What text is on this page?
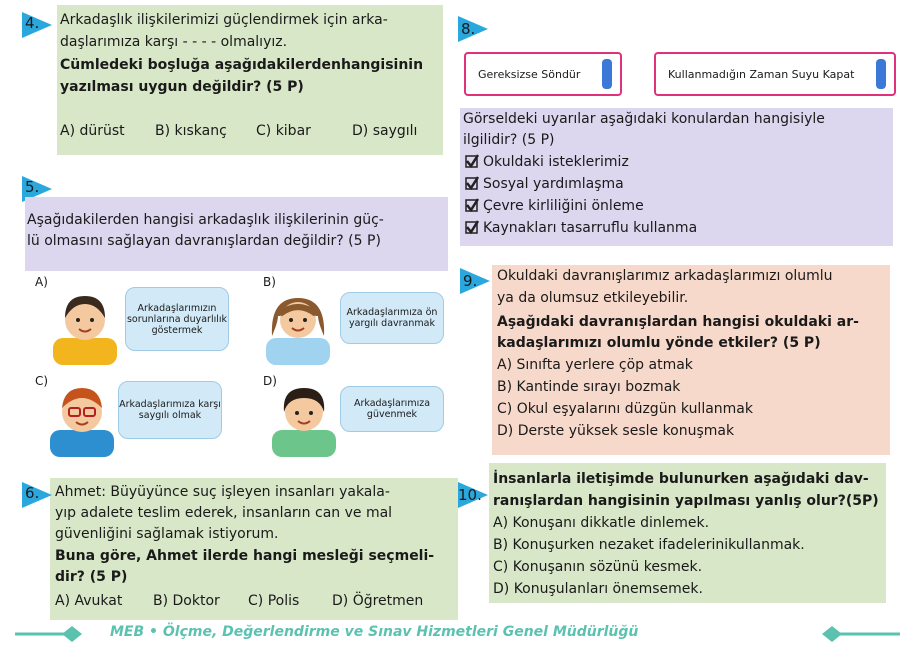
4. Arkadaşlık ilişkilerimizi güçlendirmek için arka-
daşlarımıza karşı - - - - olmalıyız.
Cümledeki boşluğa aşağıdakilerdenhangisinin
yazılması uygun değildir? (5 P)
A) dürüst B) kıskanç C) kibar	D) saygılı
5.
Aşağıdakilerden hangisi arkadaşlık ilişkilerinin güç-
lü olmasını sağlayan davranışlardan değildir? (5 P)
A)
Arkadaşlarımızın sorunlarına duyarlılık göstermek
B)
Arkadaşlarımıza ön yargılı davranmak
C)
Arkadaşlarımıza karşı saygılı olmak
D)
Arkadaşlarımıza güvenmek
6. Ahmet: Büyüyünce suç işleyen insanları yakala-
yıp adalete teslim ederek, insanların can ve mal
güvenliğini sağlamak istiyorum.
Buna göre, Ahmet ilerde hangi mesleği seçmeli-
dir? (5 P)
A) Avukat B) Doktor C) Polis D) Öğretmen
8.
Gereksizse Söndür	Kullanmadığın Zaman Suyu Kapat
Görseldeki uyarılar aşağıdaki konulardan hangisiyle
ilgilidir? (5 P)
Okuldaki isteklerimiz
Sosyal yardımlaşma
Çevre kirliliğini önleme
Kaynakları tasarruflu kullanma
9. Okuldaki davranışlarımız arkadaşlarımızı olumlu
ya da olumsuz etkileyebilir.
Aşağıdaki davranışlardan hangisi okuldaki ar-
kadaşlarımızı olumlu yönde etkiler? (5 P)
A) Sınıfta yerlere çöp atmak
B) Kantinde sırayı bozmak
C) Okul eşyalarını düzgün kullanmak
D) Derste yüksek sesle konuşmak
10.
İnsanlarla iletişimde bulunurken aşağıdaki dav-
ranışlardan hangisinin yapılması yanlış olur?(5P)
A) Konuşanı dikkatle dinlemek.
B) Konuşurken nezaket ifadelerinikullanmak.
C) Konuşanın sözünü kesmek.
D) Konuşulanları önemsemek.
MEB • Ölçme, Değerlendirme ve Sınav Hizmetleri Genel Müdürlüğü
